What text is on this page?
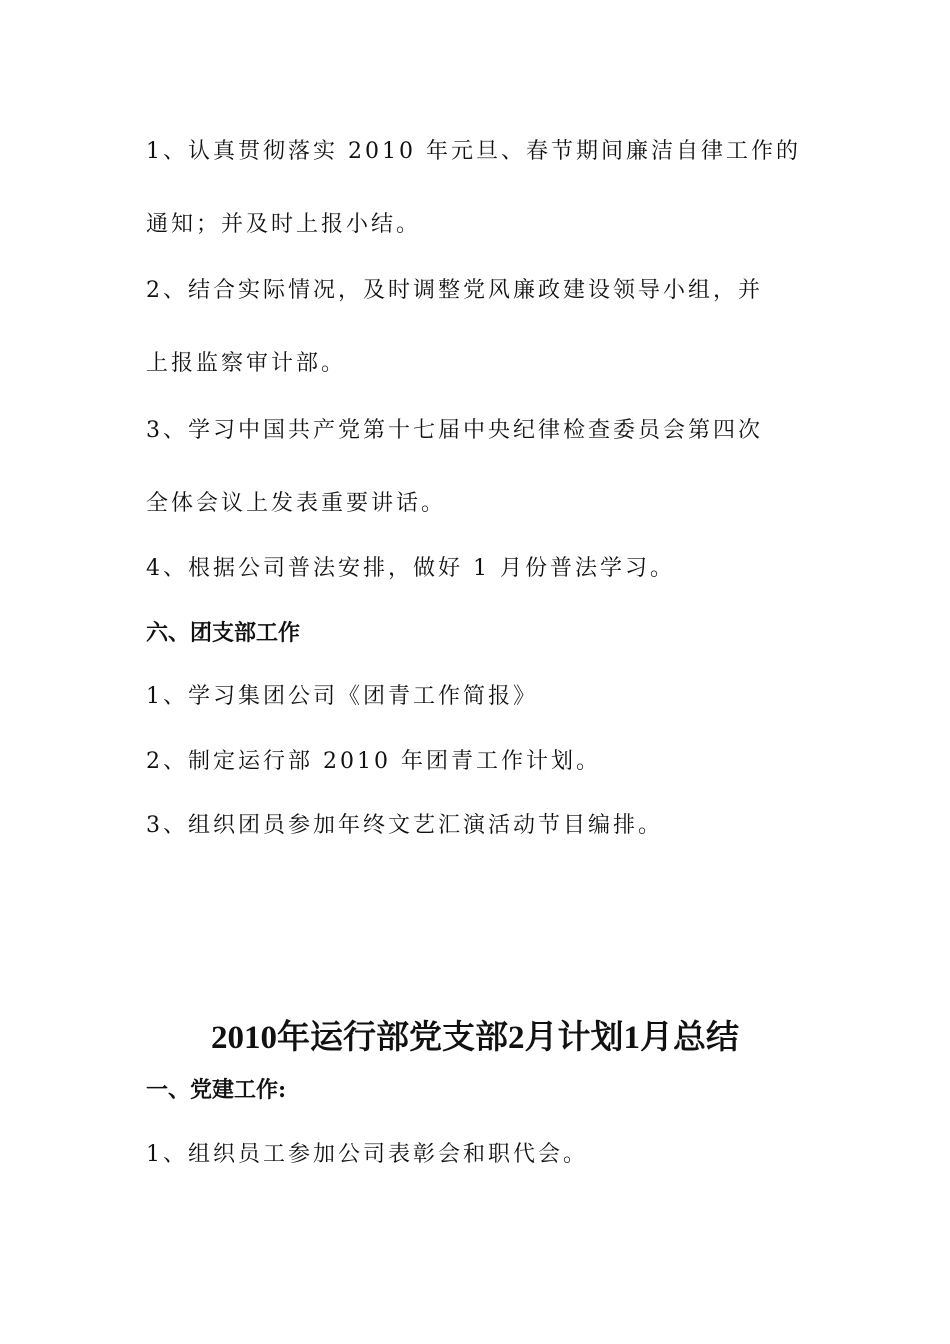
1、认真贯彻落实 2010 年元旦、春节期间廉洁自律工作的
通知；并及时上报小结。
2、结合实际情况，及时调整党风廉政建设领导小组，并
上报监察审计部。
3、学习中国共产党第十七届中央纪律检查委员会第四次
全体会议上发表重要讲话。
4、根据公司普法安排，做好 1 月份普法学习。
六、团支部工作
1、学习集团公司《团青工作简报》
2、制定运行部 2010 年团青工作计划。
3、组织团员参加年终文艺汇演活动节目编排。
2010年运行部党支部2月计划1月总结
一、党建工作:
1、组织员工参加公司表彰会和职代会。
